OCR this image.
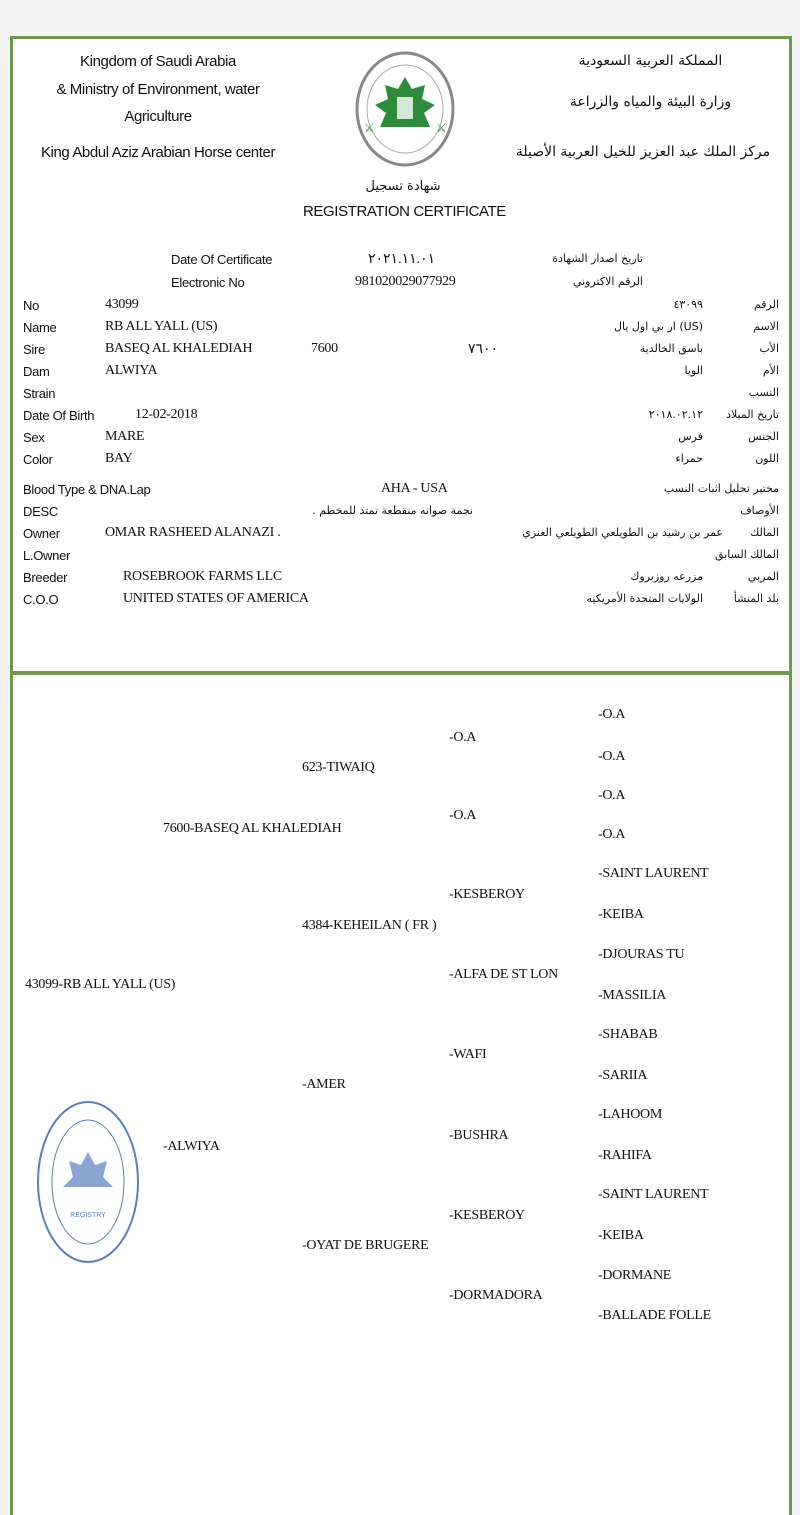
Kingdom of Saudi Arabia
& Ministry of Environment, water
Agriculture
King Abdul Aziz Arabian Horse center
المملكة العربية السعودية
وزارة البيئة والمياه والزراعة
مركز الملك عبد العزيز للخيل العربية الأصيلة
⚔	⚔
شهادة تسجيل
REGISTRATION CERTIFICATE
Date Of Certificate	٢٠٢١.١١.٠١	تاريخ اصدار الشهادة
Electronic No	981020029077929	الرقم الاكتروني
No	43099	٤٣٠٩٩	الرقم
Name	RB ALL YALL (US)	(US) ار بي اول يال	الاسم
Sire	BASEQ AL KHALEDIAH	7600	٧٦٠٠	باسق الخالدية	الأب
Dam	ALWIYA	الويا	الأم
Strain	النسب
Date Of Birth	12-02-2018	٢٠١٨.٠٢.١٢	تاريخ الميلاد
Sex	MARE	فرس	الجنس
Color	BAY	حمراء	اللون
Blood Type & DNA.Lap	AHA - USA	مختبر تحليل اثبات النسب
DESC	نجمة صوانه منقطعة تمتد للمخطم .	الأوصاف
Owner	OMAR RASHEED ALANAZI .	عمر بن رشيد بن الطويلعي الطويلعي العنزي	المالك
L.Owner	المالك السابق
Breeder	ROSEBROOK FARMS LLC	مزرعه روزبروك	المربي
C.O.O	UNITED STATES OF AMERICA	الولايات المتحدة الأمريكيه	بلد المنشأ
REGISTRY
43099-RB ALL YALL (US)
7600-BASEQ AL KHALEDIAH
-ALWIYA
623-TIWAIQ
4384-KEHEILAN ( FR )
-AMER
-OYAT DE BRUGERE
-O.A
-O.A
-KESBEROY
-ALFA DE ST LON
-WAFI
-BUSHRA
-KESBEROY
-DORMADORA
-O.A
-O.A
-O.A
-O.A
-SAINT LAURENT
-KEIBA
-DJOURAS TU
-MASSILIA
-SHABAB
-SARIIA
-LAHOOM
-RAHIFA
-SAINT LAURENT
-KEIBA
-DORMANE
-BALLADE FOLLE
